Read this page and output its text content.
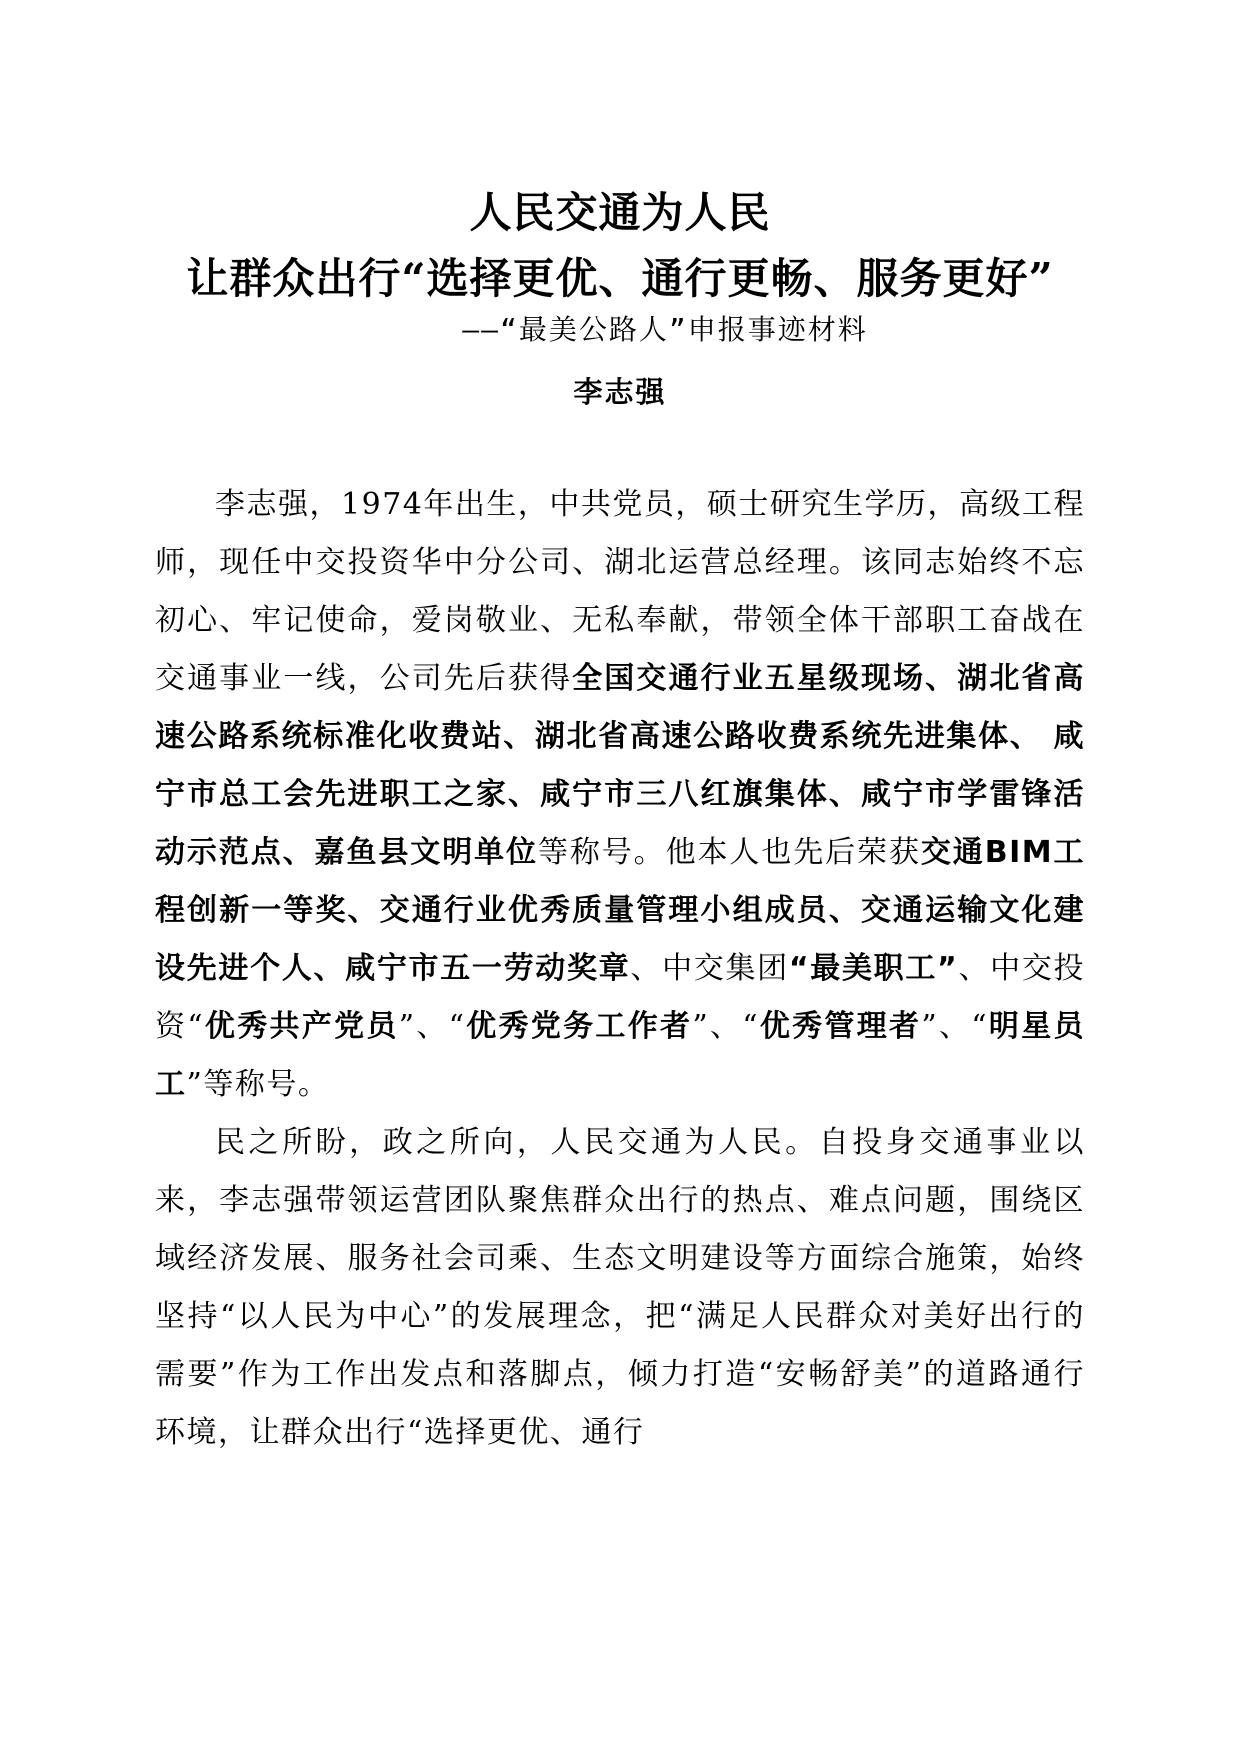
人民交通为人民
让群众出行“选择更优、通行更畅、服务更好”
——“最美公路人”申报事迹材料
李志强

李志强，1974年出生，中共党员，硕士研究生学历，高级工程师，现任中交投资华中分公司、湖北运营总经理。该同志始终不忘初心、牢记使命，爱岗敬业、无私奉献，带领全体干部职工奋战在交通事业一线，公司先后获得全国交通行业五星级现场、湖北省高速公路系统标准化收费站、湖北省高速公路收费系统先进集体、 咸宁市总工会先进职工之家、咸宁市三八红旗集体、咸宁市学雷锋活动示范点、嘉鱼县文明单位等称号。他本人也先后荣获交通BIM工程创新一等奖、交通行业优秀质量管理小组成员、交通运输文化建设先进个人、咸宁市五一劳动奖章、中交集团“最美职工”、中交投资“优秀共产党员”、“优秀党务工作者”、“优秀管理者”、“明星员工”等称号。

民之所盼，政之所向，人民交通为人民。自投身交通事业以来，李志强带领运营团队聚焦群众出行的热点、难点问题，围绕区域经济发展、服务社会司乘、生态文明建设等方面综合施策，始终坚持“以人民为中心”的发展理念，把“满足人民群众对美好出行的需要”作为工作出发点和落脚点，倾力打造“安畅舒美”的道路通行环境，让群众出行“选择更优、通行
